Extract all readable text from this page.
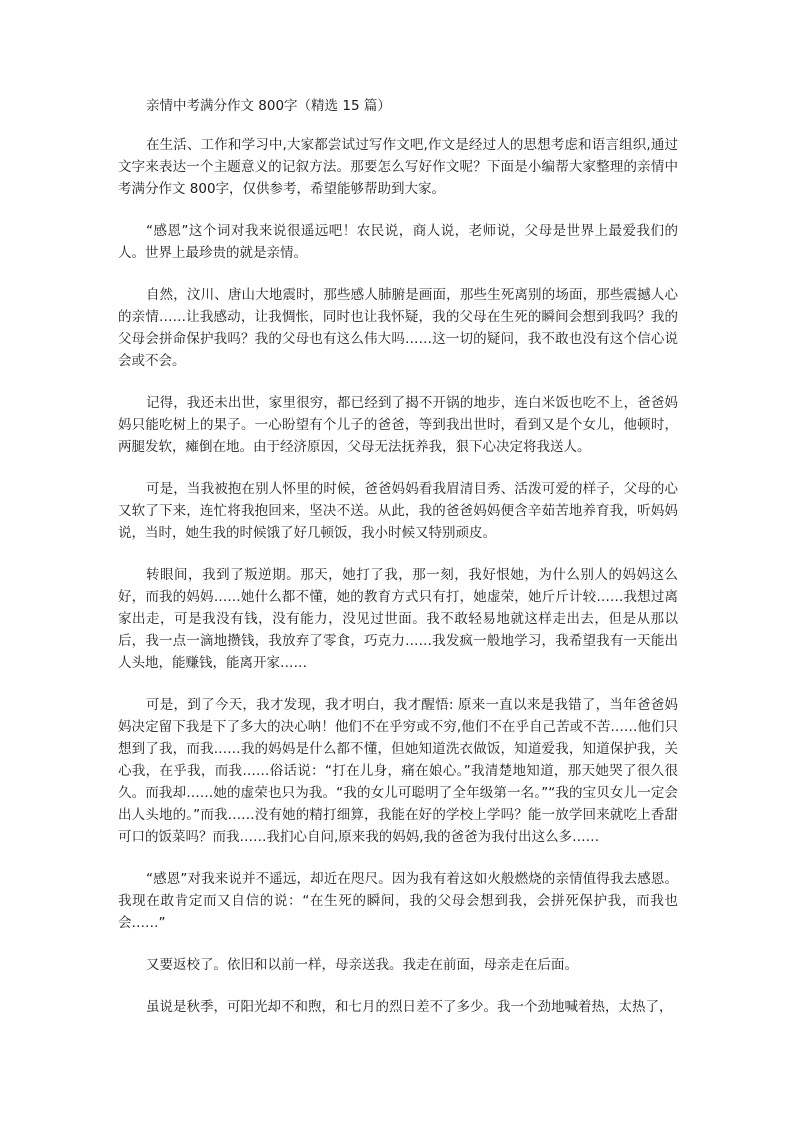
亲情中考满分作文 800字（精选 15 篇）

在生活、工作和学习中,大家都尝试过写作文吧,作文是经过人的思想考虑和语言组织,通过文字来表达一个主题意义的记叙方法。那要怎么写好作文呢？下面是小编帮大家整理的亲情中考满分作文 800字，仅供参考，希望能够帮助到大家。

“感恩”这个词对我来说很遥远吧！农民说，商人说，老师说，父母是世界上最爱我们的人。世界上最珍贵的就是亲情。

自然，汶川、唐山大地震时，那些感人肺腑是画面，那些生死离别的场面，那些震撼人心的亲情……让我感动，让我惆怅，同时也让我怀疑，我的父母在生死的瞬间会想到我吗？我的父母会拼命保护我吗？我的父母也有这么伟大吗……这一切的疑问，我不敢也没有这个信心说会或不会。

记得，我还未出世，家里很穷，都已经到了揭不开锅的地步，连白米饭也吃不上，爸爸妈妈只能吃树上的果子。一心盼望有个儿子的爸爸，等到我出世时，看到又是个女儿，他顿时，两腿发软，瘫倒在地。由于经济原因，父母无法抚养我，狠下心决定将我送人。

可是，当我被抱在别人怀里的时候，爸爸妈妈看我眉清目秀、活泼可爱的样子，父母的心又软了下来，连忙将我抱回来，坚决不送。从此，我的爸爸妈妈便含辛茹苦地养育我，听妈妈说，当时，她生我的时候饿了好几顿饭，我小时候又特别顽皮。

转眼间，我到了叛逆期。那天，她打了我，那一刻，我好恨她，为什么别人的妈妈这么好，而我的妈妈……她什么都不懂，她的教育方式只有打，她虚荣，她斤斤计较……我想过离家出走，可是我没有钱，没有能力，没见过世面。我不敢轻易地就这样走出去，但是从那以后，我一点一滴地攒钱，我放弃了零食，巧克力……我发疯一般地学习，我希望我有一天能出人头地，能赚钱，能离开家……

可是，到了今天，我才发现，我才明白，我才醒悟: 原来一直以来是我错了，当年爸爸妈妈决定留下我是下了多大的决心呐！他们不在乎穷或不穷,他们不在乎自己苦或不苦……他们只想到了我，而我……我的妈妈是什么都不懂，但她知道洗衣做饭，知道爱我，知道保护我，关心我，在乎我，而我……俗话说：“打在儿身，痛在娘心。”我清楚地知道，那天她哭了很久很久。而我却……她的虚荣也只为我。“我的女儿可聪明了全年级第一名。”“我的宝贝女儿一定会出人头地的。”而我……没有她的精打细算，我能在好的学校上学吗？能一放学回来就吃上香甜可口的饭菜吗？而我……我扪心自问,原来我的妈妈,我的爸爸为我付出这么多……

“感恩”对我来说并不遥远，却近在咫尺。因为我有着这如火般燃烧的亲情值得我去感恩。我现在敢肯定而又自信的说：“在生死的瞬间，我的父母会想到我，会拼死保护我，而我也会……”

又要返校了。依旧和以前一样，母亲送我。我走在前面，母亲走在后面。

虽说是秋季，可阳光却不和煦，和七月的烈日差不了多少。我一个劲地喊着热，太热了，
